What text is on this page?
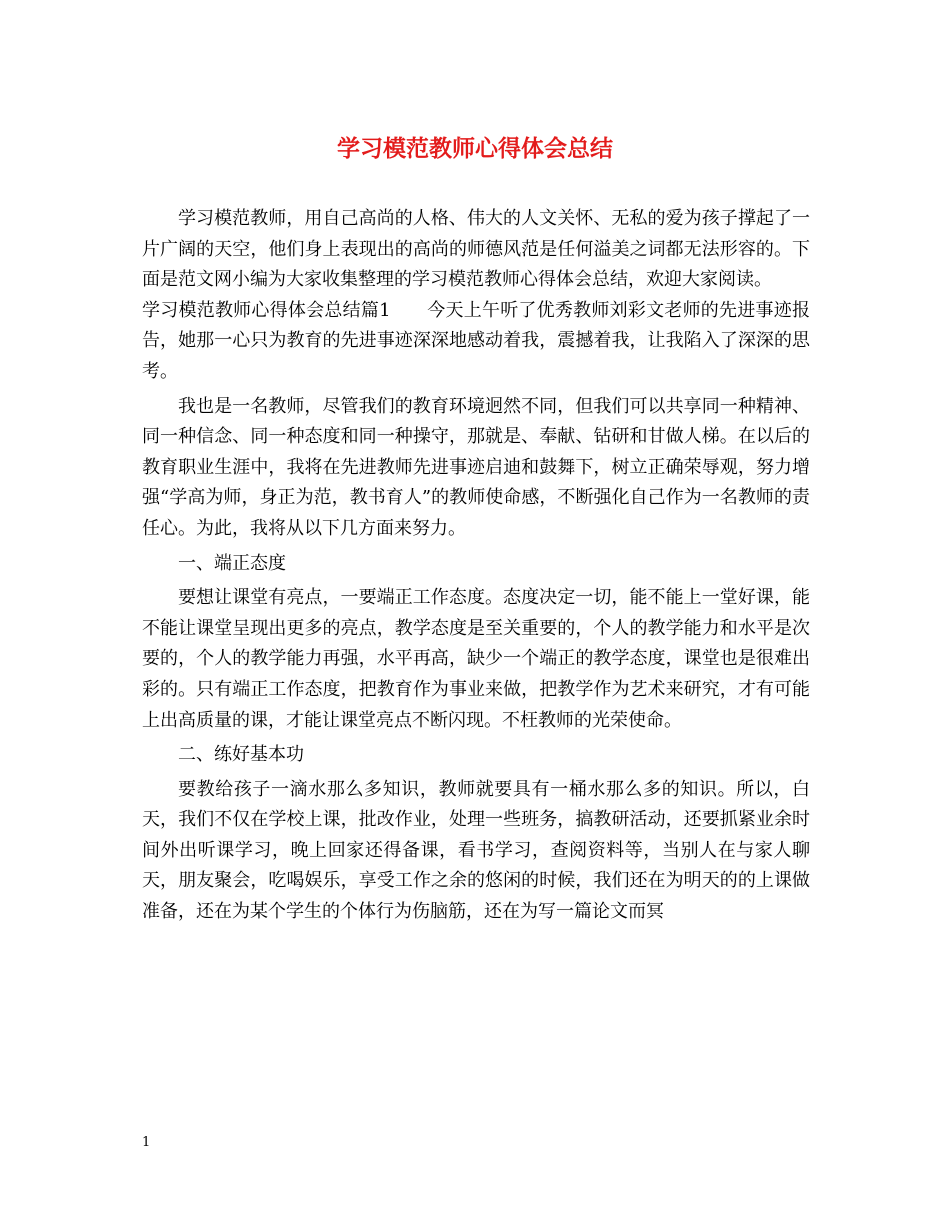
学习模范教师心得体会总结

学习模范教师，用自己高尚的人格、伟大的人文关怀、无私的爱为孩子撑起了一片广阔的天空，他们身上表现出的高尚的师德风范是任何溢美之词都无法形容的。下面是范文网小编为大家收集整理的学习模范教师心得体会总结，欢迎大家阅读。

学习模范教师心得体会总结篇1　　今天上午听了优秀教师刘彩文老师的先进事迹报告，她那一心只为教育的先进事迹深深地感动着我，震撼着我，让我陷入了深深的思考。

我也是一名教师，尽管我们的教育环境迥然不同，但我们可以共享同一种精神、同一种信念、同一种态度和同一种操守，那就是、奉献、钻研和甘做人梯。在以后的教育职业生涯中，我将在先进教师先进事迹启迪和鼓舞下，树立正确荣辱观，努力增强“学高为师，身正为范，教书育人”的教师使命感，不断强化自己作为一名教师的责任心。为此，我将从以下几方面来努力。

一、端正态度

要想让课堂有亮点，一要端正工作态度。态度决定一切，能不能上一堂好课，能不能让课堂呈现出更多的亮点，教学态度是至关重要的，个人的教学能力和水平是次要的，个人的教学能力再强，水平再高，缺少一个端正的教学态度，课堂也是很难出彩的。只有端正工作态度，把教育作为事业来做，把教学作为艺术来研究，才有可能上出高质量的课，才能让课堂亮点不断闪现。不枉教师的光荣使命。

二、练好基本功

要教给孩子一滴水那么多知识，教师就要具有一桶水那么多的知识。所以，白天，我们不仅在学校上课，批改作业，处理一些班务，搞教研活动，还要抓紧业余时间外出听课学习，晚上回家还得备课，看书学习，查阅资料等，当别人在与家人聊天，朋友聚会，吃喝娱乐，享受工作之余的悠闲的时候，我们还在为明天的的上课做准备，还在为某个学生的个体行为伤脑筋，还在为写一篇论文而冥

1
